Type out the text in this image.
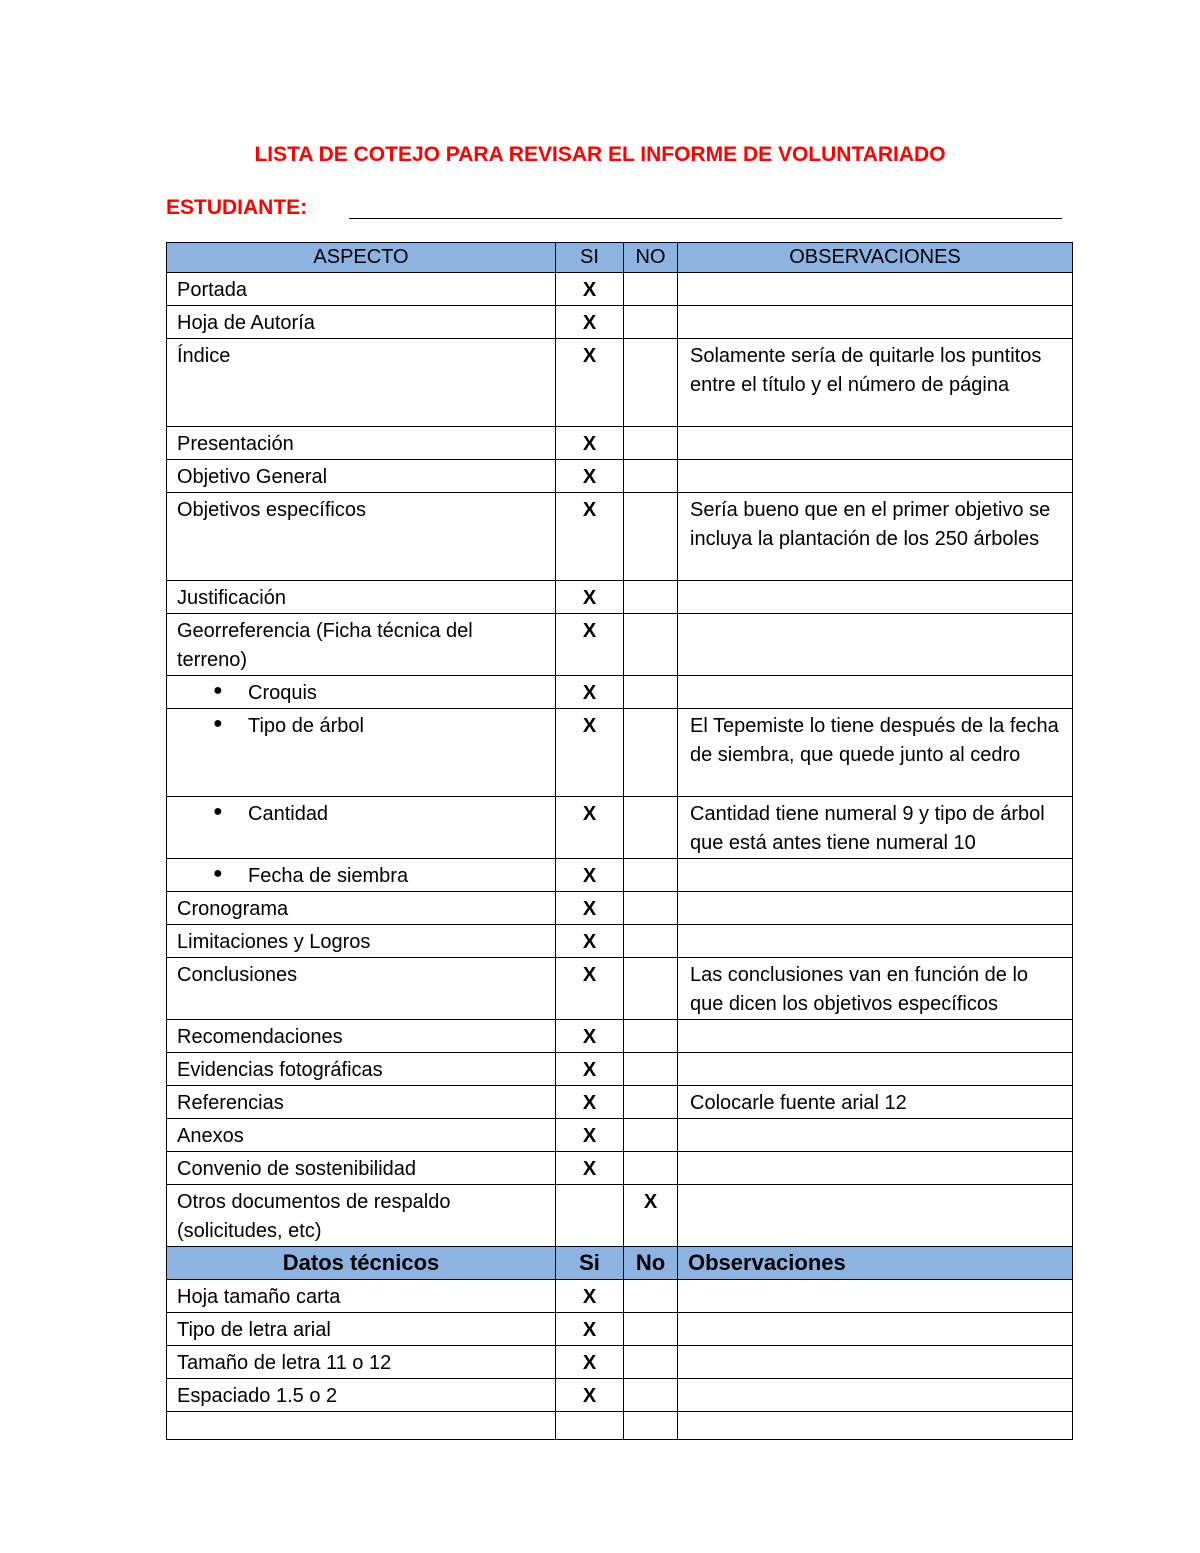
LISTA DE COTEJO PARA REVISAR EL INFORME DE VOLUNTARIADO
ESTUDIANTE:
ASPECTO	SI	NO	OBSERVACIONES
Portada	X		
Hoja de Autoría	X		
Índice	X		Solamente sería de quitarle los puntitos entre el título y el número de página
Presentación	X		
Objetivo General	X		
Objetivos específicos	X		Sería bueno que en el primer objetivo se incluya la plantación de los 250 árboles
Justificación	X		
Georreferencia (Ficha técnica del terreno)	X		

● Croquis	X		

● Tipo de árbol	X		El Tepemiste lo tiene después de la fecha de siembra, que quede junto al cedro

● Cantidad	X		Cantidad tiene numeral 9 y tipo de árbol que está antes tiene numeral 10

● Fecha de siembra	X		
Cronograma	X		
Limitaciones y Logros	X		
Conclusiones	X		Las conclusiones van en función de lo que dicen los objetivos específicos
Recomendaciones	X		
Evidencias fotográficas	X		
Referencias	X		Colocarle fuente arial 12
Anexos	X		
Convenio de sostenibilidad	X		
Otros documentos de respaldo (solicitudes, etc)		X	
Datos técnicos	Si	No	Observaciones
Hoja tamaño carta	X		
Tipo de letra arial	X		
Tamaño de letra 11 o 12	X		
Espaciado 1.5 o 2	X		
